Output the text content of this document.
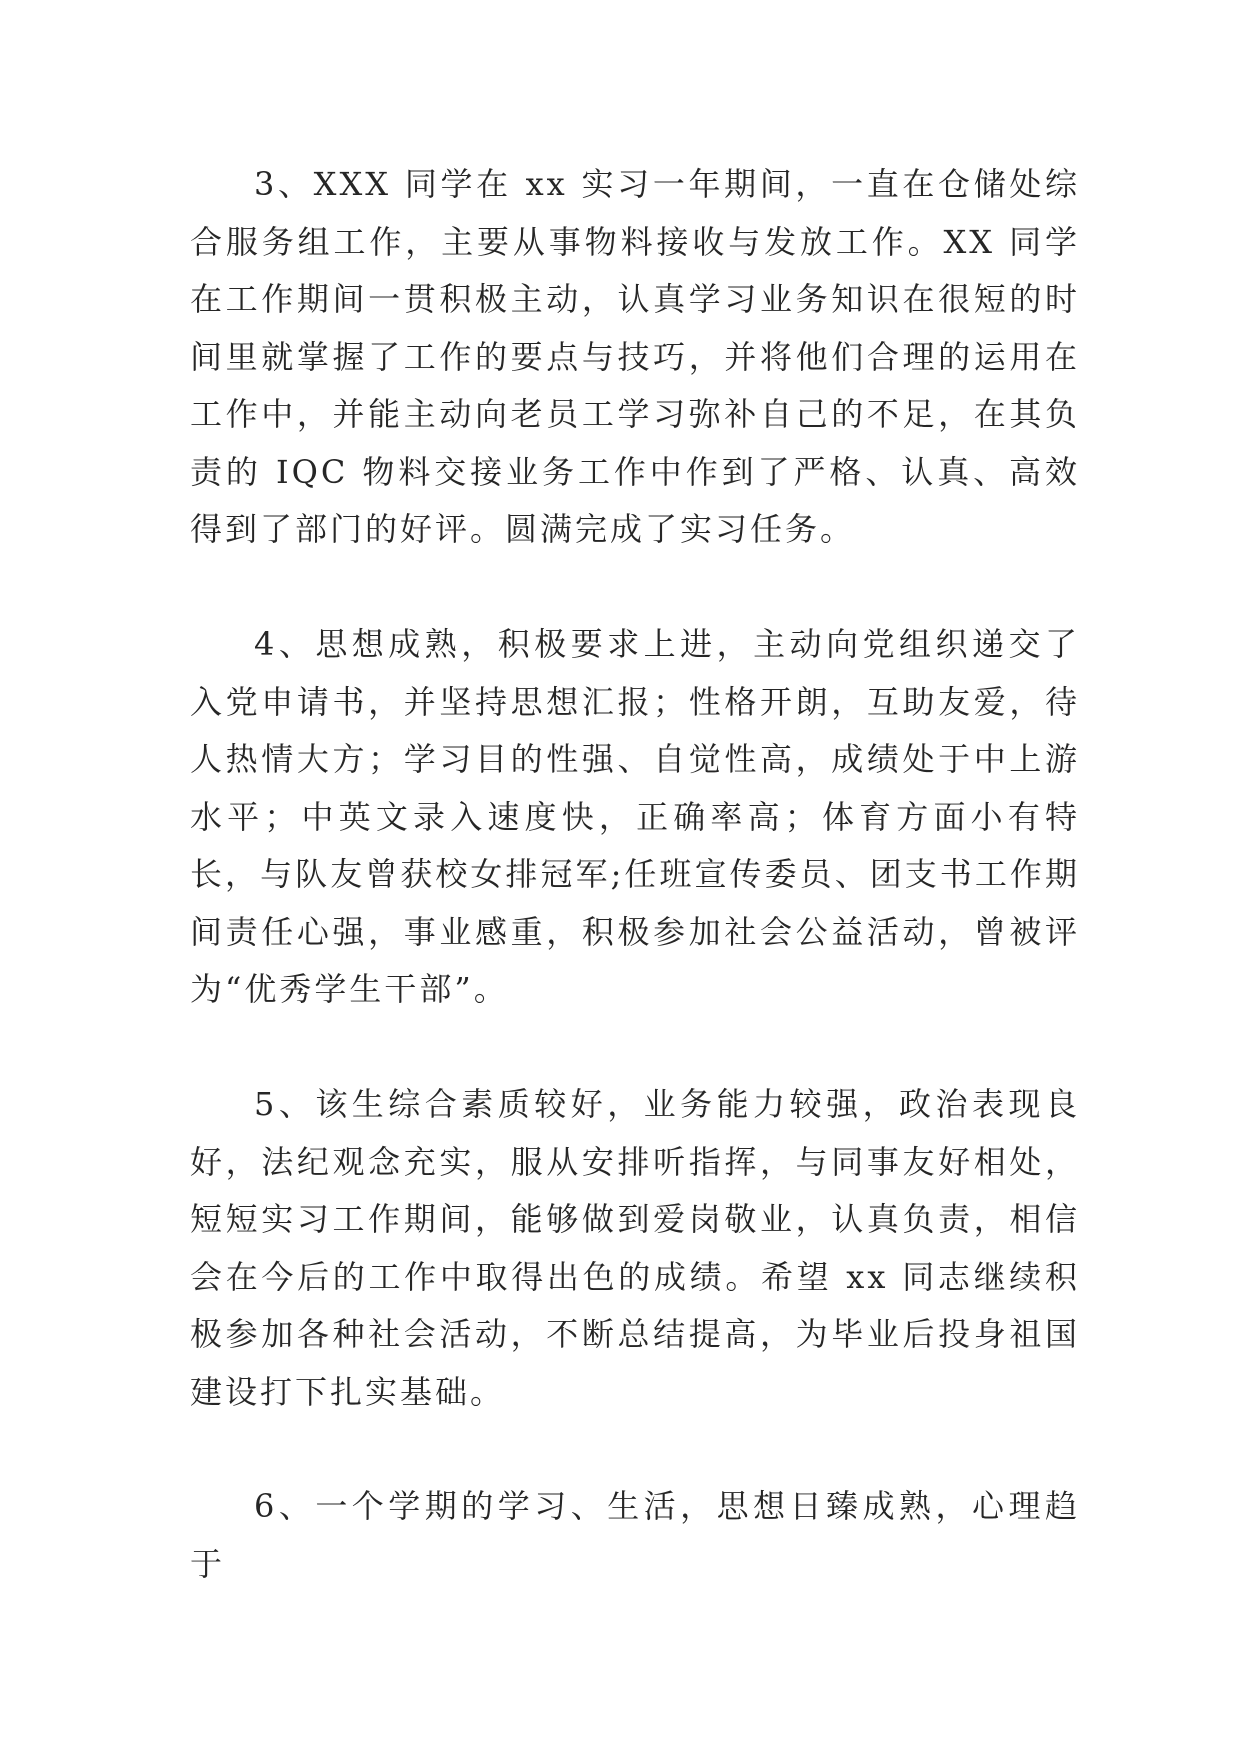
3、XXX 同学在 xx 实习一年期间，一直在仓储处综合服务组工作，主要从事物料接收与发放工作。XX 同学在工作期间一贯积极主动，认真学习业务知识在很短的时间里就掌握了工作的要点与技巧，并将他们合理的运用在工作中，并能主动向老员工学习弥补自己的不足，在其负责的 IQC 物料交接业务工作中作到了严格、认真、高效得到了部门的好评。圆满完成了实习任务。

4、思想成熟，积极要求上进，主动向党组织递交了入党申请书，并坚持思想汇报；性格开朗，互助友爱，待人热情大方；学习目的性强、自觉性高，成绩处于中上游水平；中英文录入速度快，正确率高；体育方面小有特长，与队友曾获校女排冠军;任班宣传委员、团支书工作期间责任心强，事业感重，积极参加社会公益活动，曾被评为“优秀学生干部”。

5、该生综合素质较好，业务能力较强，政治表现良好，法纪观念充实，服从安排听指挥，与同事友好相处，短短实习工作期间，能够做到爱岗敬业，认真负责，相信会在今后的工作中取得出色的成绩。希望 xx 同志继续积极参加各种社会活动，不断总结提高，为毕业后投身祖国建设打下扎实基础。

6、一个学期的学习、生活，思想日臻成熟，心理趋于
